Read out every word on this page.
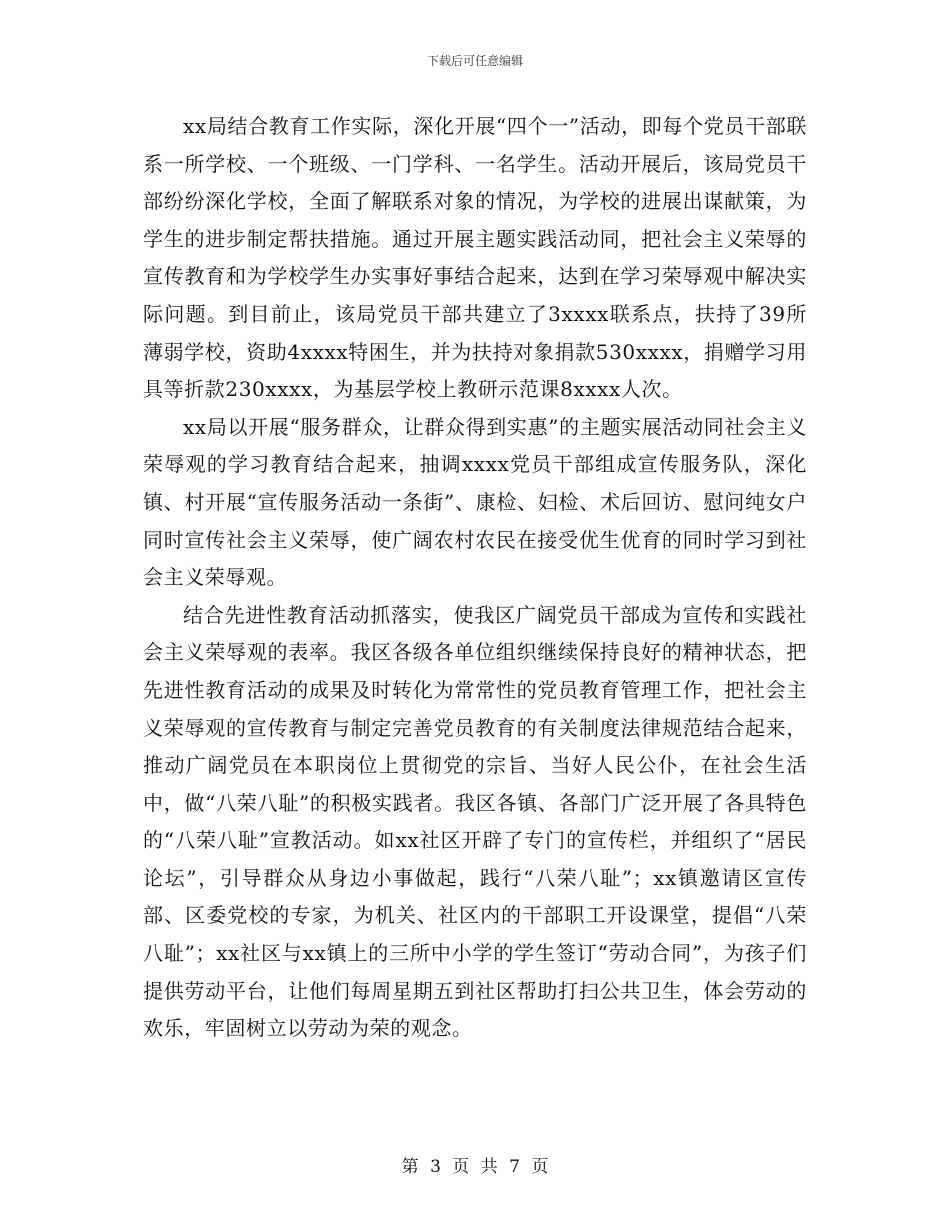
下载后可任意编辑

xx局结合教育工作实际，深化开展“四个一”活动，即每个党员干部联系一所学校、一个班级、一门学科、一名学生。活动开展后，该局党员干部纷纷深化学校，全面了解联系对象的情况，为学校的进展出谋献策，为学生的进步制定帮扶措施。通过开展主题实践活动同，把社会主义荣辱的宣传教育和为学校学生办实事好事结合起来，达到在学习荣辱观中解决实际问题。到目前止，该局党员干部共建立了3xxxx联系点，扶持了39所薄弱学校，资助4xxxx特困生，并为扶持对象捐款530xxxx，捐赠学习用具等折款230xxxx，为基层学校上教研示范课8xxxx人次。

xx局以开展“服务群众，让群众得到实惠”的主题实展活动同社会主义荣辱观的学习教育结合起来，抽调xxxx党员干部组成宣传服务队，深化镇、村开展“宣传服务活动一条街”、康检、妇检、术后回访、慰问纯女户同时宣传社会主义荣辱，使广阔农村农民在接受优生优育的同时学习到社会主义荣辱观。

结合先进性教育活动抓落实，使我区广阔党员干部成为宣传和实践社会主义荣辱观的表率。我区各级各单位组织继续保持良好的精神状态，把先进性教育活动的成果及时转化为常常性的党员教育管理工作，把社会主义荣辱观的宣传教育与制定完善党员教育的有关制度法律规范结合起来，推动广阔党员在本职岗位上贯彻党的宗旨、当好人民公仆，在社会生活中，做“八荣八耻”的积极实践者。我区各镇、各部门广泛开展了各具特色的“八荣八耻”宣教活动。如xx社区开辟了专门的宣传栏，并组织了“居民论坛”，引导群众从身边小事做起，践行“八荣八耻”；xx镇邀请区宣传部、区委党校的专家，为机关、社区内的干部职工开设课堂，提倡“八荣八耻”；xx社区与xx镇上的三所中小学的学生签订“劳动合同”，为孩子们提供劳动平台，让他们每周星期五到社区帮助打扫公共卫生，体会劳动的欢乐，牢固树立以劳动为荣的观念。

第 3 页 共 7 页
